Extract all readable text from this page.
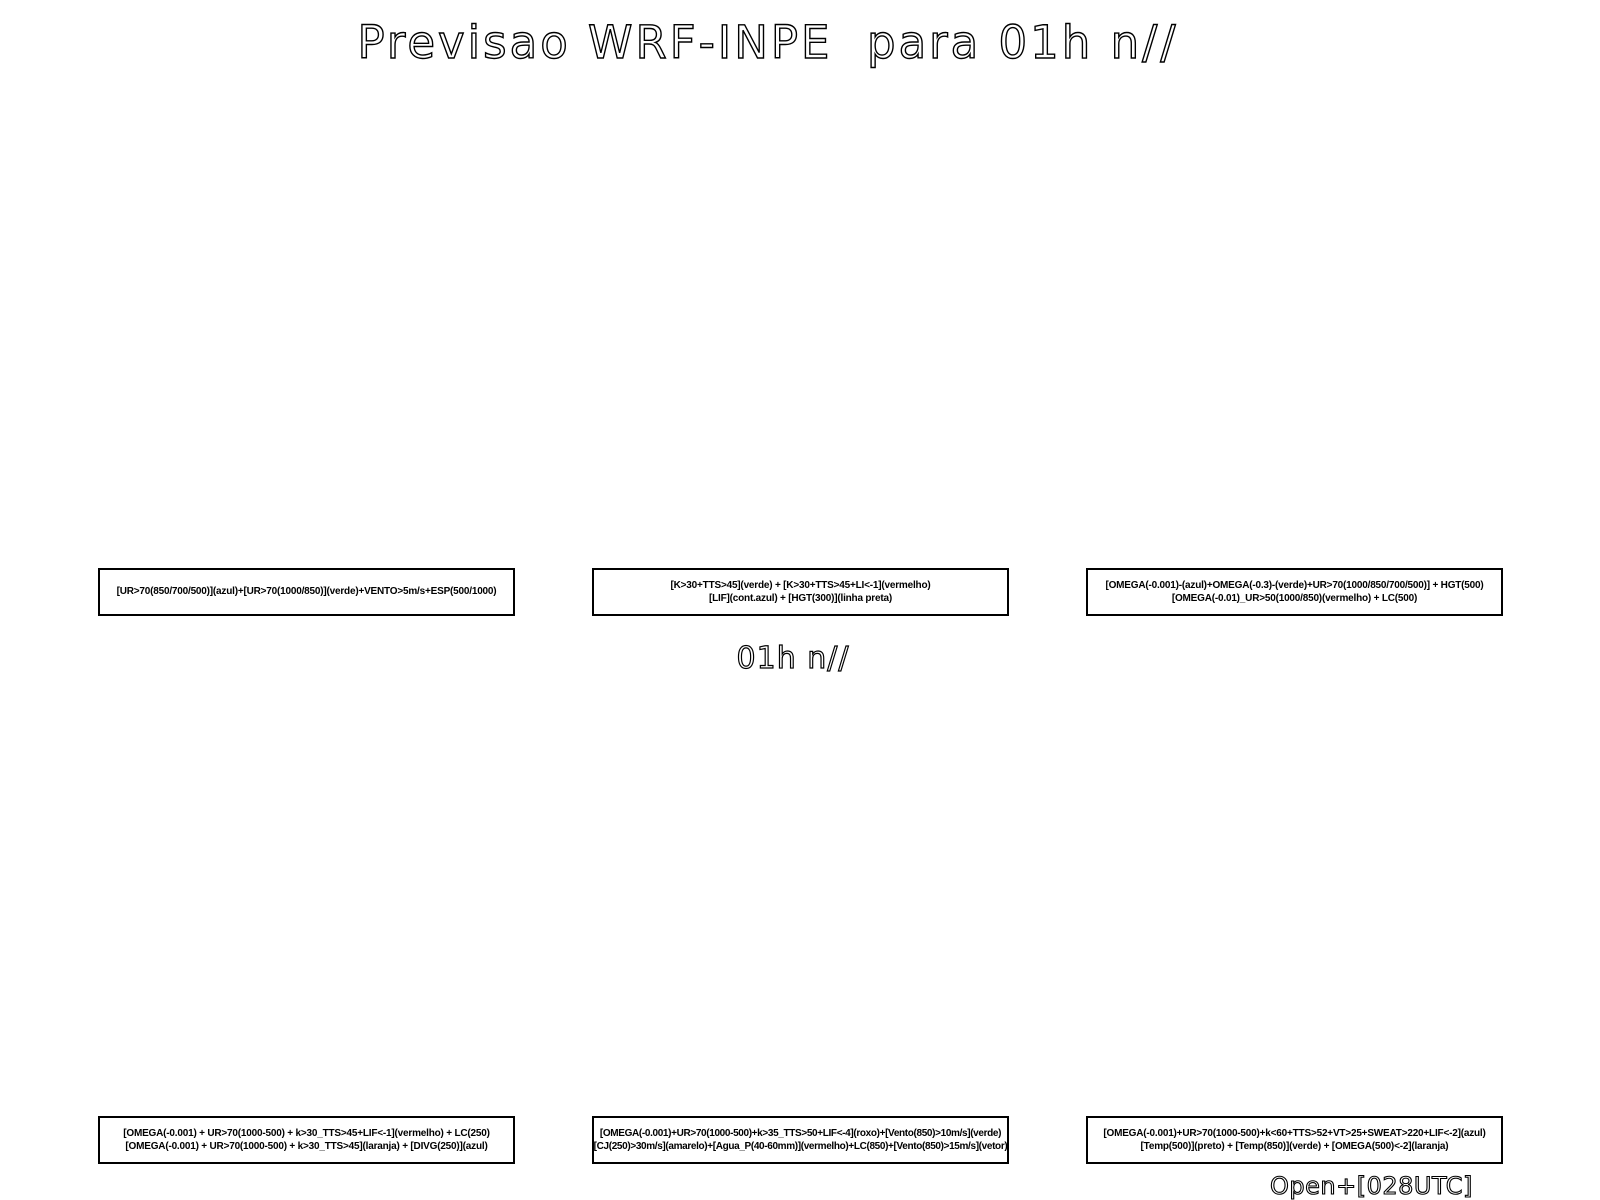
Previsao WRF-INPE  para 01h n//
[UR>70(850/700/500)](azul)+[UR>70(1000/850)](verde)+VENTO>5m/s+ESP(500/1000)
[K>30+TTS>45](verde) + [K>30+TTS>45+LI<-1](vermelho)
[LIF](cont.azul) + [HGT(300)](linha preta)
[OMEGA(-0.001)-(azul)+OMEGA(-0.3)-(verde)+UR>70(1000/850/700/500)] + HGT(500)
[OMEGA(-0.01)_UR>50(1000/850)(vermelho) + LC(500)
01h n//
[OMEGA(-0.001) + UR>70(1000-500) + k>30_TTS>45+LIF<-1](vermelho) + LC(250)
[OMEGA(-0.001) + UR>70(1000-500) + k>30_TTS>45](laranja) + [DIVG(250)](azul)
[OMEGA(-0.001)+UR>70(1000-500)+k>35_TTS>50+LIF<-4](roxo)+[Vento(850)>10m/s](verde)
[CJ(250)>30m/s](amarelo)+[Agua_P(40-60mm)](vermelho)+LC(850)+[Vento(850)>15m/s](vetor)
[OMEGA(-0.001)+UR>70(1000-500)+k<60+TTS>52+VT>25+SWEAT>220+LIF<-2](azul)
[Temp(500)](preto) + [Temp(850)](verde) + [OMEGA(500)<-2](laranja)
Open+[028UTC]
